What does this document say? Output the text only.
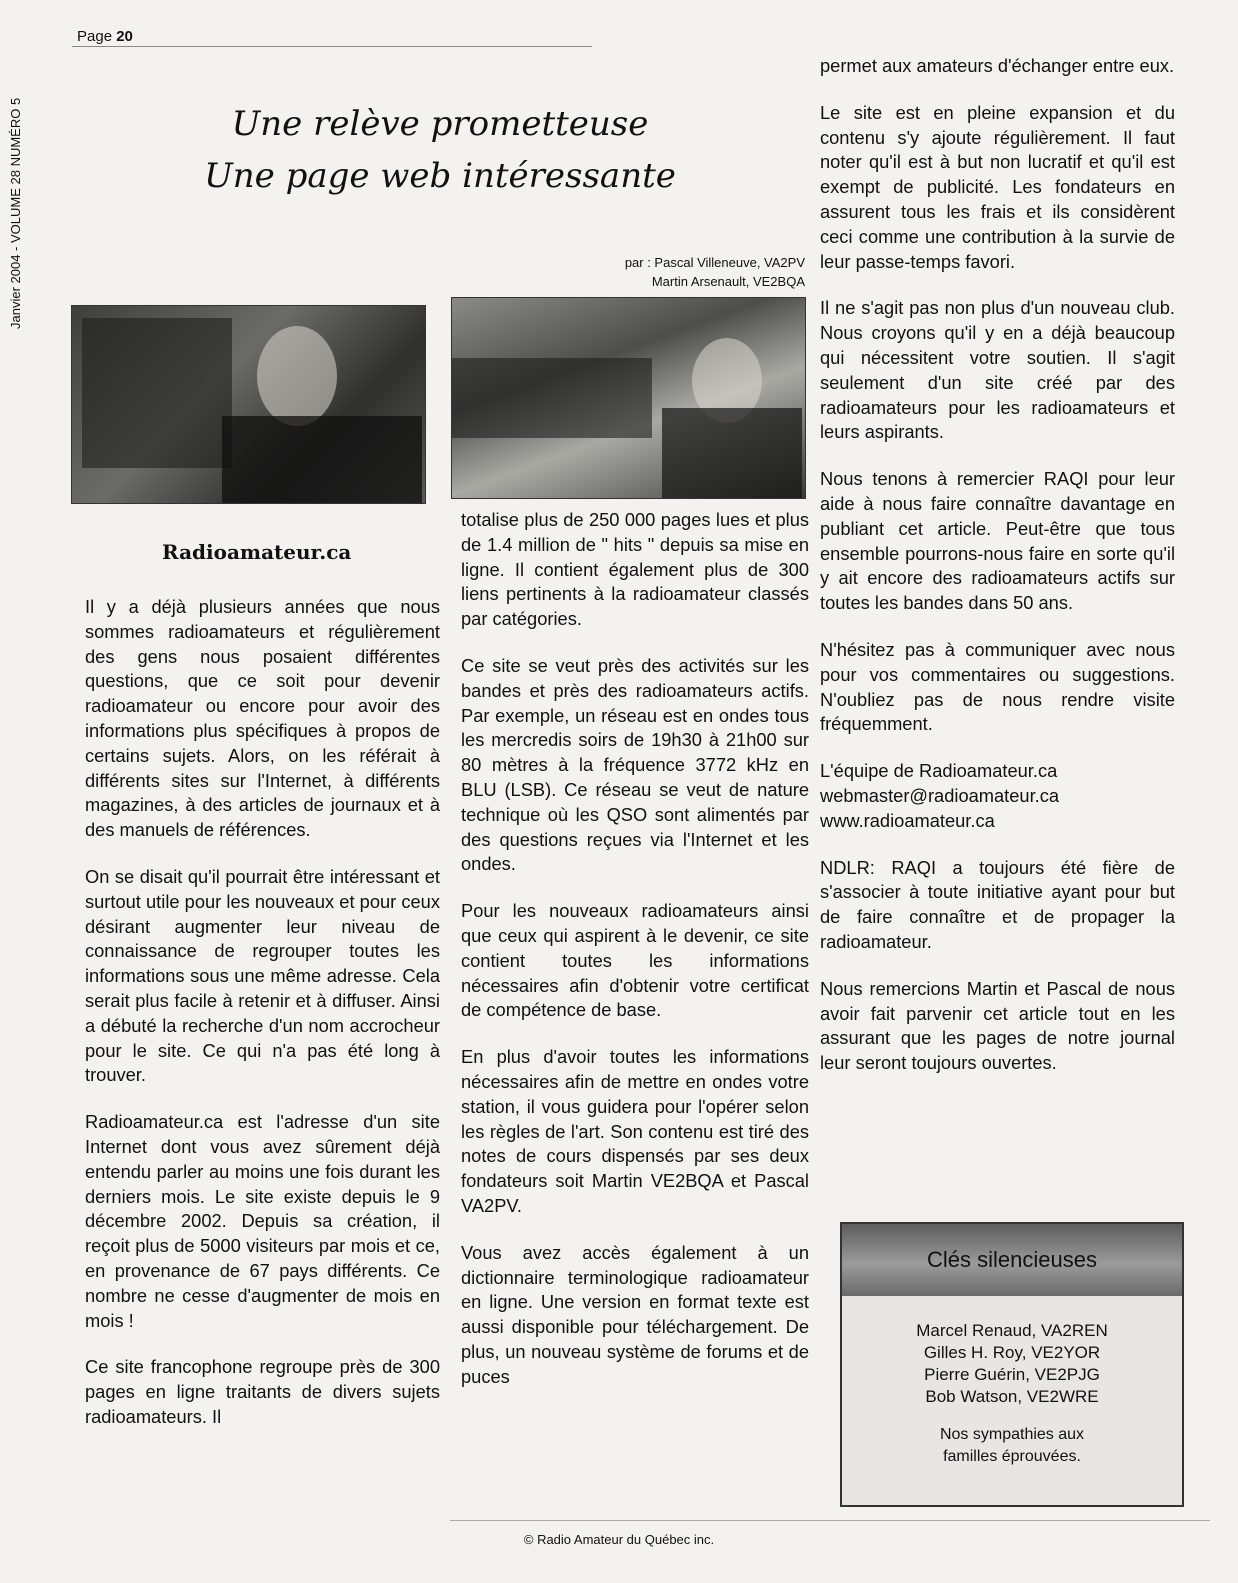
Page 20
Janvier 2004 - VOLUME 28 NUMÉRO 5	Une relève prometteuse
Une page web intéressante
par : Pascal Villeneuve, VA2PV
Martin Arsenault, VE2BQA
Radioamateur.ca

Il y a déjà plusieurs années que nous sommes radioamateurs et régulièrement des gens nous posaient différentes questions, que ce soit pour devenir radioamateur ou encore pour avoir des informations plus spécifiques à propos de certains sujets. Alors, on les référait à différents sites sur l'Internet, à différents magazines, à des articles de journaux et à des manuels de références.

On se disait qu'il pourrait être intéressant et surtout utile pour les nouveaux et pour ceux désirant augmenter leur niveau de connaissance de regrouper toutes les informations sous une même adresse. Cela serait plus facile à retenir et à diffuser. Ainsi a débuté la recherche d'un nom accrocheur pour le site. Ce qui n'a pas été long à trouver.

Radioamateur.ca est l'adresse d'un site Internet dont vous avez sûrement déjà entendu parler au moins une fois durant les derniers mois. Le site existe depuis le 9 décembre 2002. Depuis sa création, il reçoit plus de 5000 visiteurs par mois et ce, en provenance de 67 pays différents. Ce nombre ne cesse d'augmenter de mois en mois !

Ce site francophone regroupe près de 300 pages en ligne traitants de divers sujets radioamateurs. Il

totalise plus de 250 000 pages lues et plus de 1.4 million de " hits " depuis sa mise en ligne. Il contient également plus de 300 liens pertinents à la radioamateur classés par catégories.

Ce site se veut près des activités sur les bandes et près des radioamateurs actifs. Par exemple, un réseau est en ondes tous les mercredis soirs de 19h30 à 21h00 sur 80 mètres à la fréquence 3772 kHz en BLU (LSB). Ce réseau se veut de nature technique où les QSO sont alimentés par des questions reçues via l'Internet et les ondes.

Pour les nouveaux radioamateurs ainsi que ceux qui aspirent à le devenir, ce site contient toutes les informations nécessaires afin d'obtenir votre certificat de compétence de base.

En plus d'avoir toutes les informations nécessaires afin de mettre en ondes votre station, il vous guidera pour l'opérer selon les règles de l'art. Son contenu est tiré des notes de cours dispensés par ses deux fondateurs soit Martin VE2BQA et Pascal VA2PV.

Vous avez accès également à un dictionnaire terminologique radioamateur en ligne. Une version en format texte est aussi disponible pour téléchargement. De plus, un nouveau système de forums et de puces

permet aux amateurs d'échanger entre eux.

Le site est en pleine expansion et du contenu s'y ajoute régulièrement. Il faut noter qu'il est à but non lucratif et qu'il est exempt de publicité. Les fondateurs en assurent tous les frais et ils considèrent ceci comme une contribution à la survie de leur passe-temps favori.

Il ne s'agit pas non plus d'un nouveau club. Nous croyons qu'il y en a déjà beaucoup qui nécessitent votre soutien. Il s'agit seulement d'un site créé par des radioamateurs pour les radioamateurs et leurs aspirants.

Nous tenons à remercier RAQI pour leur aide à nous faire connaître davantage en publiant cet article. Peut-être que tous ensemble pourrons-nous faire en sorte qu'il y ait encore des radioamateurs actifs sur toutes les bandes dans 50 ans.

N'hésitez pas à communiquer avec nous pour vos commentaires ou suggestions. N'oubliez pas de nous rendre visite fréquemment.

L'équipe de Radioamateur.ca
webmaster@radioamateur.ca
www.radioamateur.ca

NDLR: RAQI a toujours été fière de s'associer à toute initiative ayant pour but de faire connaître et de propager la radioamateur.

Nous remercions Martin et Pascal de nous avoir fait parvenir cet article tout en les assurant que les pages de notre journal leur seront toujours ouvertes.

Clés silencieuses
Marcel Renaud, VA2REN
Gilles H. Roy, VE2YOR
Pierre Guérin, VE2PJG
Bob Watson, VE2WRE
Nos sympathies aux
familles éprouvées.
© Radio Amateur du Québec inc.
